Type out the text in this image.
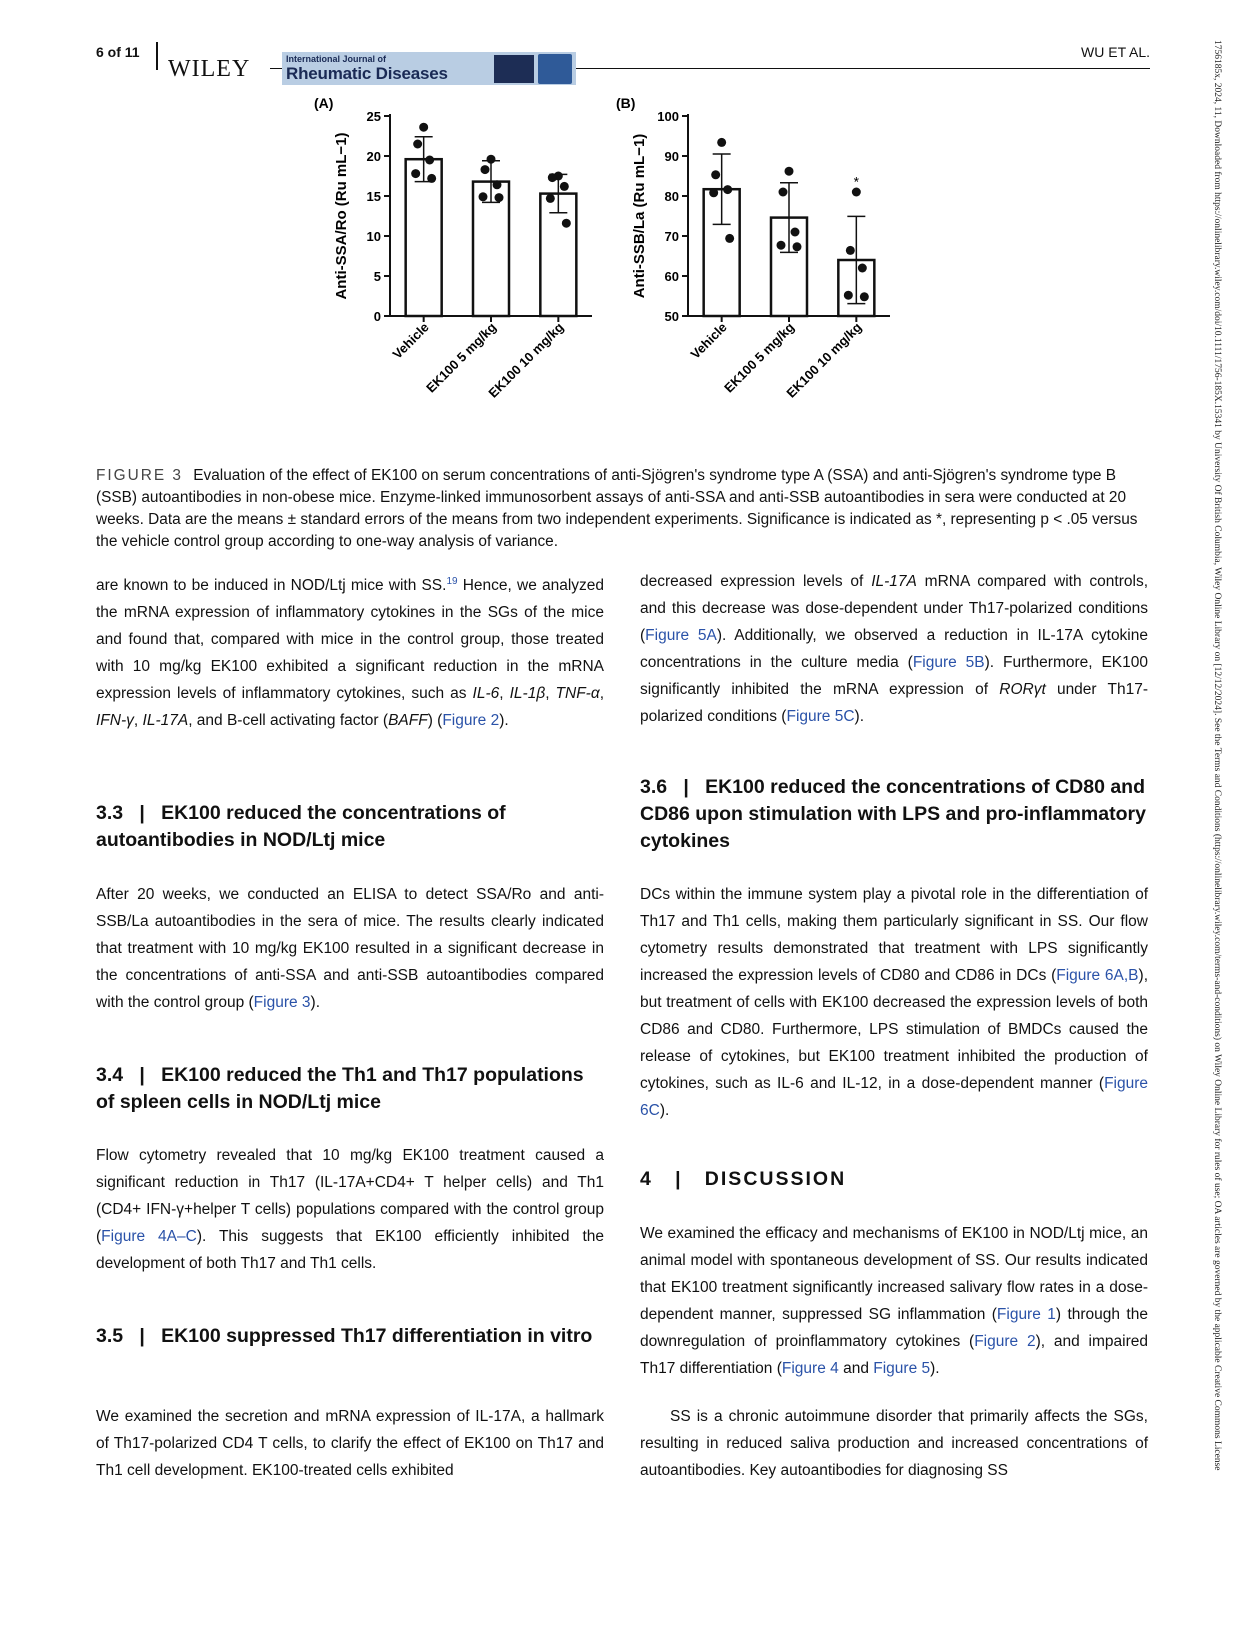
6 of 11
WILEY	International Journal of
Rheumatic Diseases
WU ET AL.	1756185x, 2024, 11, Downloaded from https://onlinelibrary.wiley.com/doi/10.1111/1756-185X.15341 by University Of British Columbia, Wiley Online Library on [12/12/2024]. See the Terms and Conditions (https://onlinelibrary.wiley.com/terms-and-conditions) on Wiley Online Library for rules of use; OA articles are governed by the applicable Creative Commons License
(A)
Anti-SSA/Ro (Ru mL−1)
0
5
10
15
20
25
Vehicle
EK100 5 mg/kg
EK100 10 mg/kg
(B)
Anti-SSB/La (Ru mL−1)
50
60
70
80
90
100
Vehicle
EK100 5 mg/kg
EK100 10 mg/kg
*
FIGURE 3 Evaluation of the effect of EK100 on serum concentrations of anti-Sjögren's syndrome type A (SSA) and anti-Sjögren's syndrome type B (SSB) autoantibodies in non-obese mice. Enzyme-linked immunosorbent assays of anti-SSA and anti-SSB autoantibodies in sera were conducted at 20 weeks. Data are the means ± standard errors of the means from two independent experiments. Significance is indicated as *, representing p < .05 versus the vehicle control group according to one-way analysis of variance.
are known to be induced in NOD/Ltj mice with SS.$^{19}$ Hence, we analyzed the mRNA expression of inflammatory cytokines in the SGs of the mice and found that, compared with mice in the control group, those treated with 10 mg/kg EK100 exhibited a significant reduction in the mRNA expression levels of inflammatory cytokines, such as IL-6, IL-1β, TNF-α, IFN-γ, IL-17A, and B-cell activating factor (BAFF) (Figure 2).
3.3   |   EK100 reduced the concentrations of autoantibodies in NOD/Ltj mice
After 20 weeks, we conducted an ELISA to detect SSA/Ro and anti-SSB/La autoantibodies in the sera of mice. The results clearly indicated that treatment with 10 mg/kg EK100 resulted in a significant decrease in the concentrations of anti-SSA and anti-SSB autoantibodies compared with the control group (Figure 3).
3.4   |   EK100 reduced the Th1 and Th17 populations of spleen cells in NOD/Ltj mice
Flow cytometry revealed that 10 mg/kg EK100 treatment caused a significant reduction in Th17 (IL-17A+CD4+ T helper cells) and Th1 (CD4+ IFN-γ+helper T cells) populations compared with the control group (Figure 4A–C). This suggests that EK100 efficiently inhibited the development of both Th17 and Th1 cells.
3.5   |   EK100 suppressed Th17 differentiation in vitro
We examined the secretion and mRNA expression of IL-17A, a hallmark of Th17-polarized CD4 T cells, to clarify the effect of EK100 on Th17 and Th1 cell development. EK100-treated cells exhibited
decreased expression levels of IL-17A mRNA compared with controls, and this decrease was dose-dependent under Th17-polarized conditions (Figure 5A). Additionally, we observed a reduction in IL-17A cytokine concentrations in the culture media (Figure 5B). Furthermore, EK100 significantly inhibited the mRNA expression of RORγt under Th17-polarized conditions (Figure 5C).
3.6   |   EK100 reduced the concentrations of CD80 and CD86 upon stimulation with LPS and pro-inflammatory cytokines
DCs within the immune system play a pivotal role in the differentiation of Th17 and Th1 cells, making them particularly significant in SS. Our flow cytometry results demonstrated that treatment with LPS significantly increased the expression levels of CD80 and CD86 in DCs (Figure 6A,B), but treatment of cells with EK100 decreased the expression levels of both CD86 and CD80. Furthermore, LPS stimulation of BMDCs caused the release of cytokines, but EK100 treatment inhibited the production of cytokines, such as IL-6 and IL-12, in a dose-dependent manner (Figure 6C).
4   |   DISCUSSION
We examined the efficacy and mechanisms of EK100 in NOD/Ltj mice, an animal model with spontaneous development of SS. Our results indicated that EK100 treatment significantly increased salivary flow rates in a dose-dependent manner, suppressed SG inflammation (Figure 1) through the downregulation of proinflammatory cytokines (Figure 2), and impaired Th17 differentiation (Figure 4 and Figure 5).
SS is a chronic autoimmune disorder that primarily affects the SGs, resulting in reduced saliva production and increased concentrations of autoantibodies. Key autoantibodies for diagnosing SS
